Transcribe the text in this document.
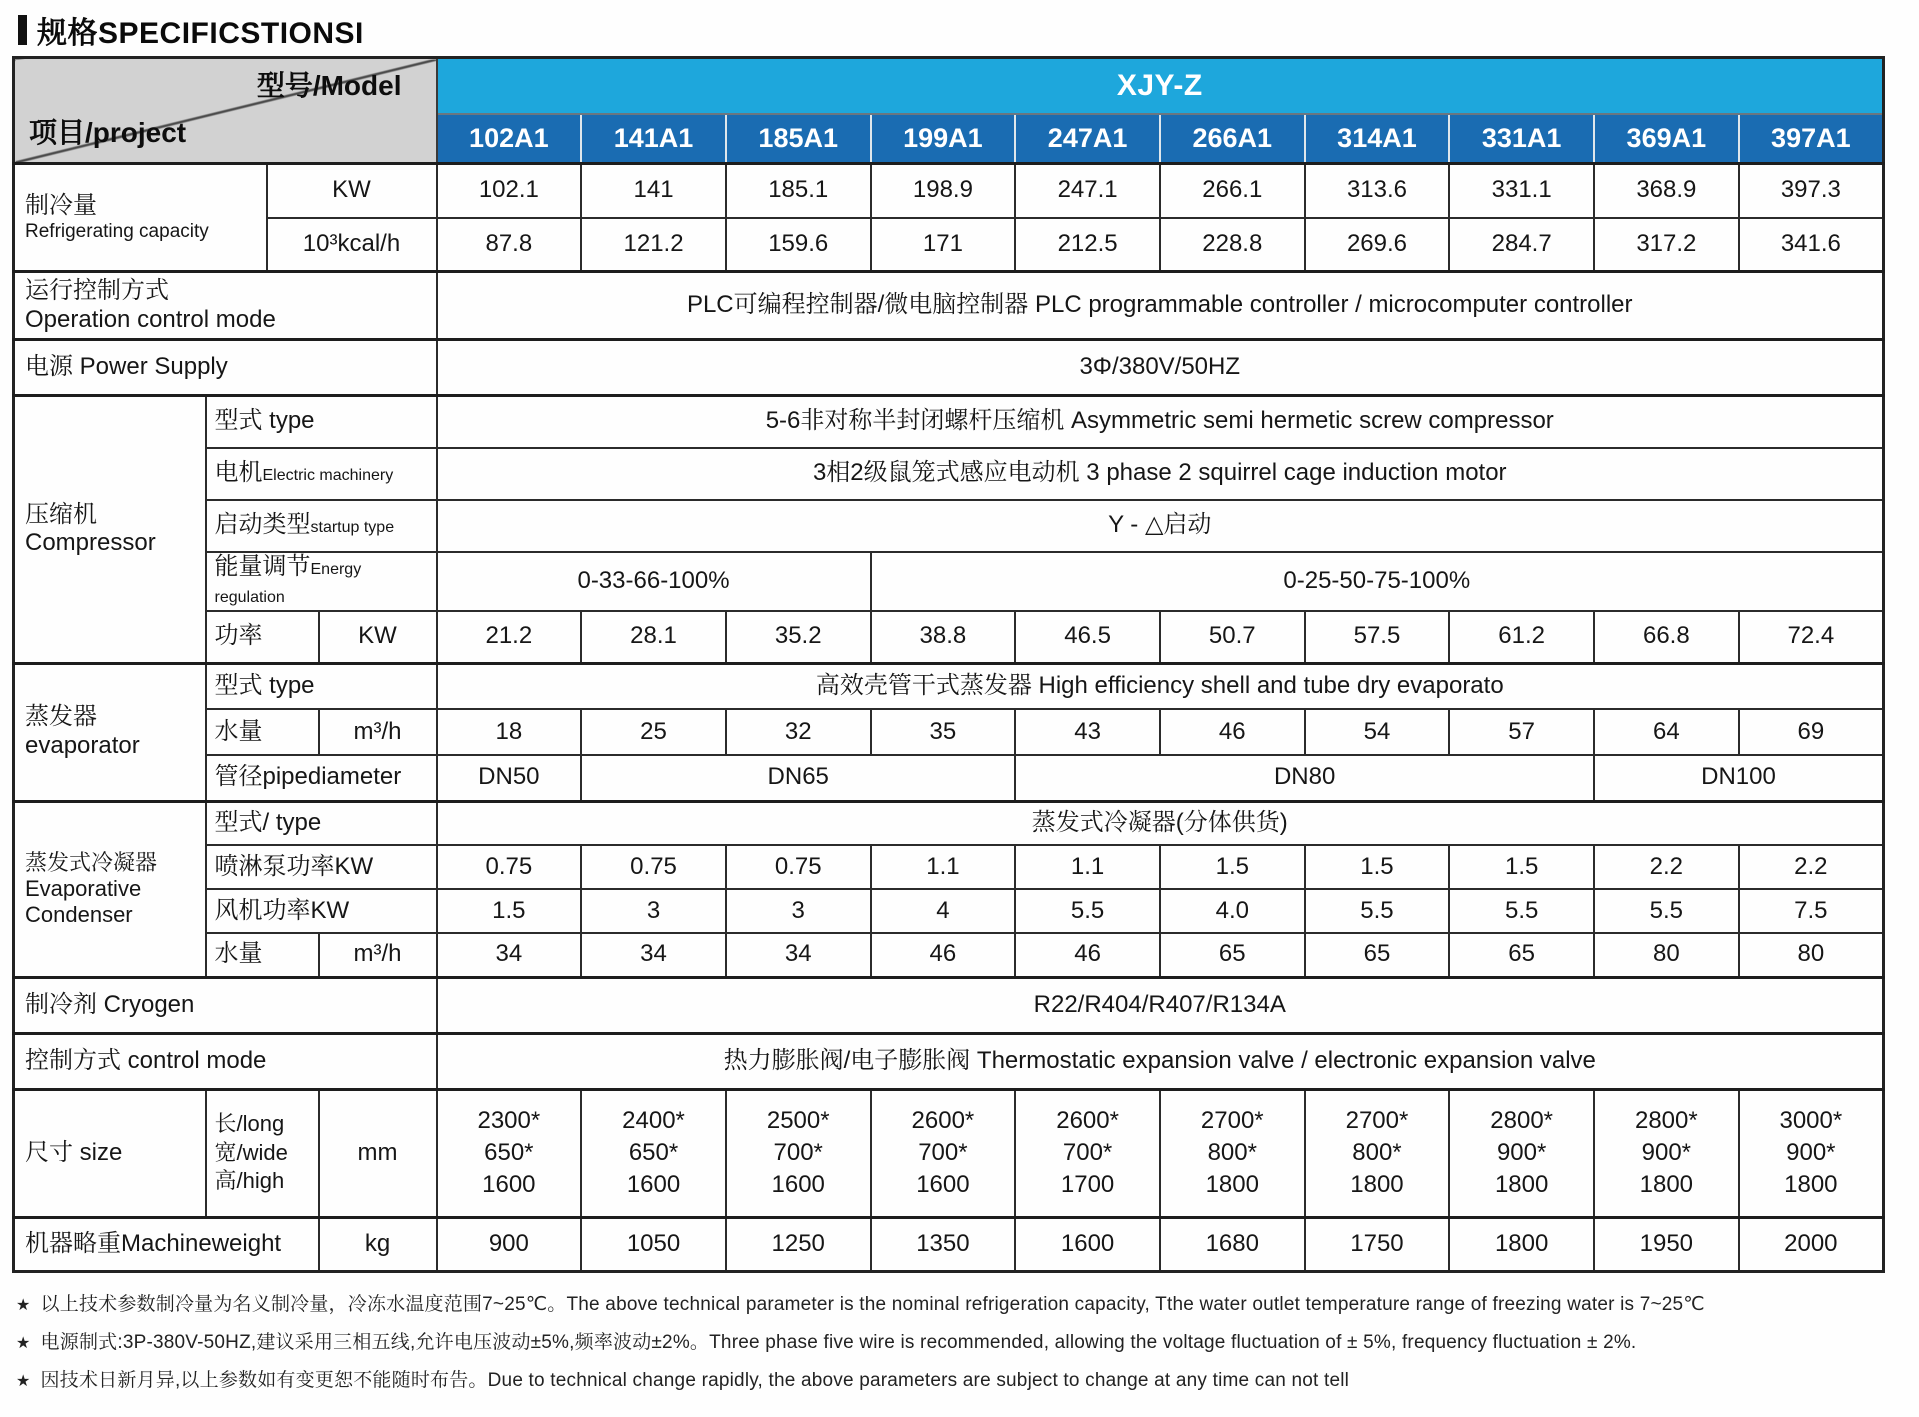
规格SPECIFICSTIONSI
型号/Model
项目/project				XJY-Z									
				102A1	141A1	185A1	199A1	247A1	266A1	314A1	331A1	369A1	397A1

制冷量
Refrigerating capacity		KW		102.1	141	185.1	198.9	247.1	266.1	313.6	331.1	368.9	397.3
		10³kcal/h		87.8	121.2	159.6	171	212.5	228.8	269.6	284.7	317.2	341.6

运行控制方式
Operation control mode				PLC可编程控制器/微电脑控制器 PLC programmable controller / microcomputer controller									
电源 Power Supply				3Φ/380V/50HZ									

压缩机
Compressor	型式 type			5-6非对称半封闭螺杆压缩机 Asymmetric semi hermetic screw compressor									
	电机Electric machinery			3相2级鼠笼式感应电动机 3 phase 2 squirrel cage induction motor									
	启动类型startup type			Y - △启动									
	能量调节Energy regulation			0-33-66-100%			0-25-50-75-100%						
	功率		KW	21.2	28.1	35.2	38.8	46.5	50.7	57.5	61.2	66.8	72.4

蒸发器
evaporator	型式 type			高效壳管干式蒸发器 High efficiency shell and tube dry evaporato									
	水量		m³/h	18	25	32	35	43	46	54	57	64	69
	管径pipediameter			DN50	DN65			DN80				DN100	

蒸发式冷凝器
Evaporative
Condenser	型式/ type			蒸发式冷凝器(分体供货)									
	喷淋泵功率KW			0.75	0.75	0.75	1.1	1.1	1.5	1.5	1.5	2.2	2.2
	风机功率KW			1.5	3	3	4	5.5	4.0	5.5	5.5	5.5	7.5
	水量		m³/h	34	34	34	46	46	65	65	65	80	80
制冷剂 Cryogen				R22/R404/R407/R134A									
控制方式 control mode				热力膨胀阀/电子膨胀阀 Thermostatic expansion valve / electronic expansion valve									
尺寸 size	长/long
宽/wide
高/high		mm	2300*
650*
1600	2400*
650*
1600	2500*
700*
1600	2600*
700*
1600	2600*
700*
1700	2700*
800*
1800	2700*
800*
1800	2800*
900*
1800	2800*
900*
1800	3000*
900*
1800

机器略重Machineweight			kg	900	1050	1250	1350	1600	1680	1750	1800	1950	2000
★ 以上技术参数制冷量为名义制冷量，冷冻水温度范围7~25℃。The above technical parameter is the nominal refrigeration capacity, Tthe water outlet temperature range of freezing water is 7~25℃
★ 电源制式:3P-380V-50HZ,建议采用三相五线,允许电压波动±5%,频率波动±2%。Three phase five wire is recommended, allowing the voltage fluctuation of ± 5%, frequency fluctuation ± 2%.
★ 因技术日新月异,以上参数如有变更恕不能随时布告。Due to technical change rapidly, the above parameters are subject to change at any time can not tell
